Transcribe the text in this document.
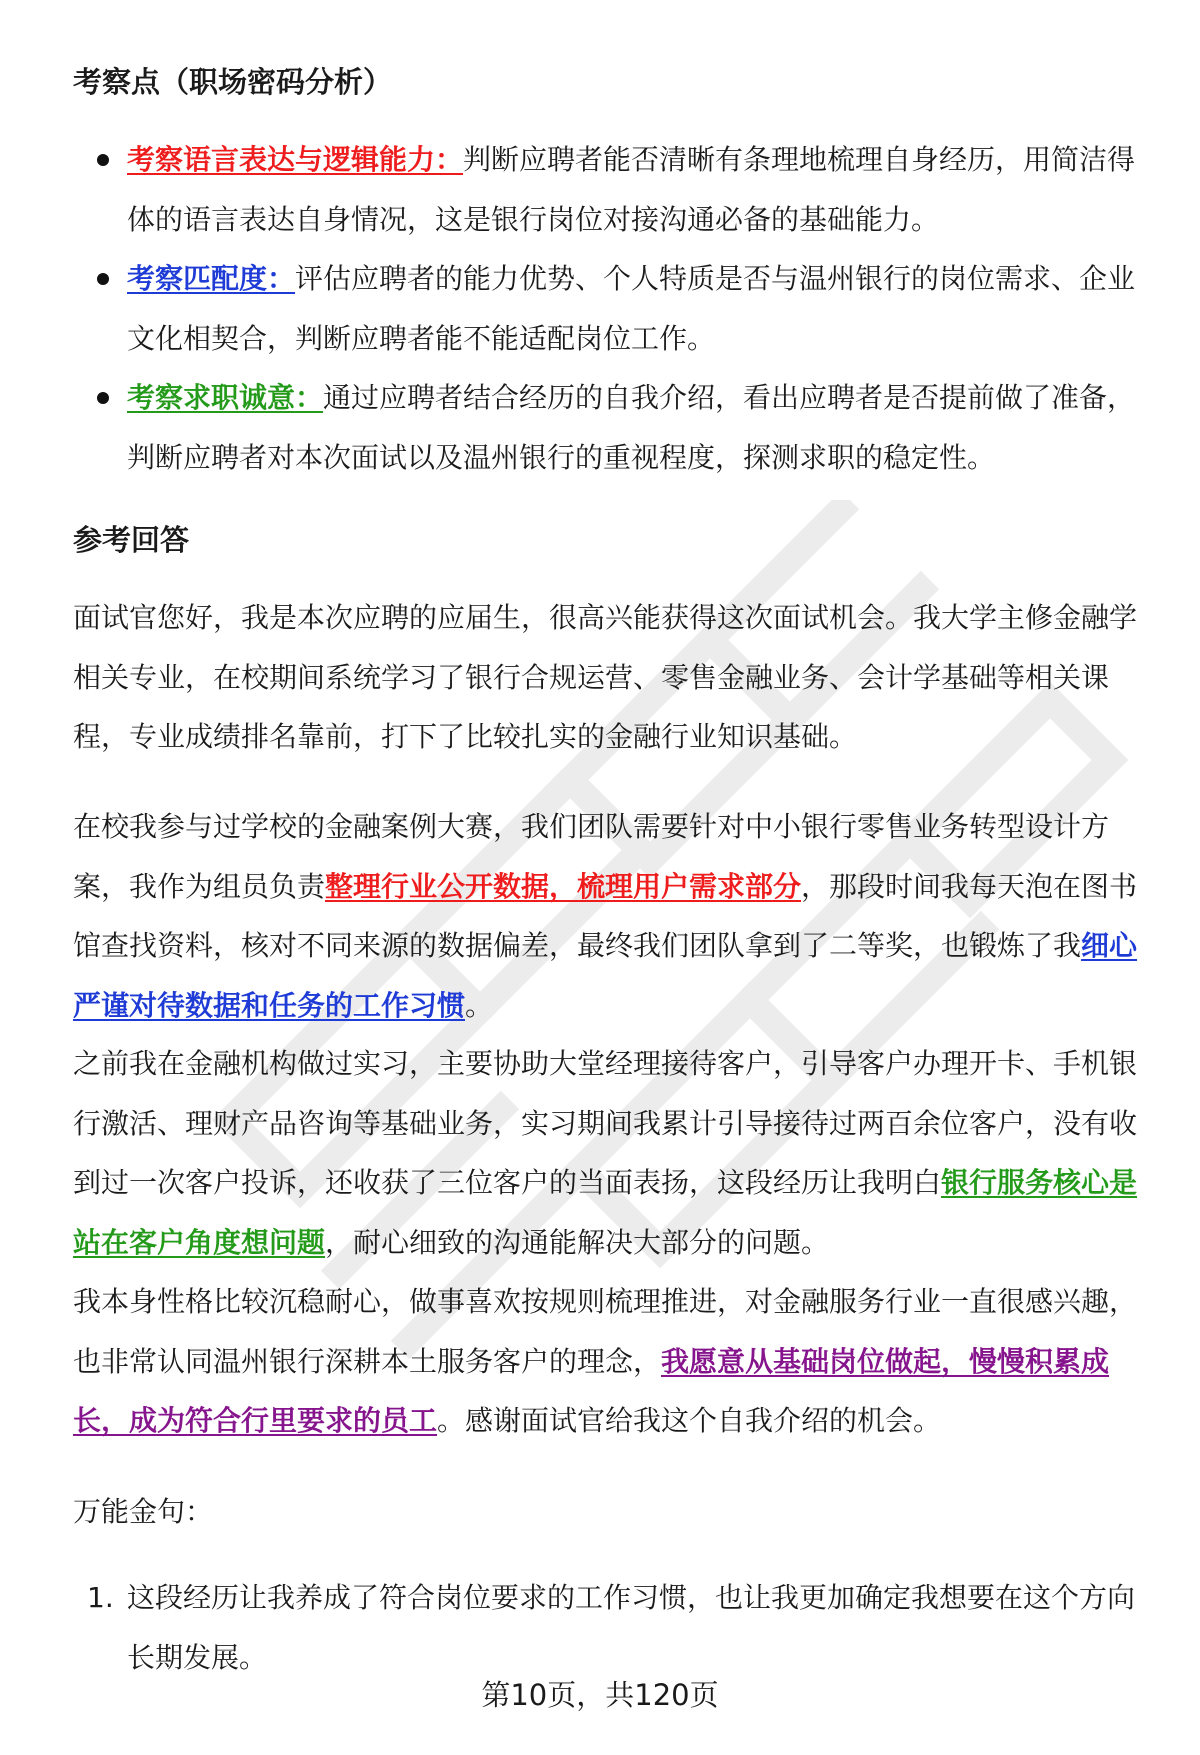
考察点（职场密码分析）
考察语言表达与逻辑能力：判断应聘者能否清晰有条理地梳理自身经历，用简洁得体的语言表达自身情况，这是银行岗位对接沟通必备的基础能力。
考察匹配度：评估应聘者的能力优势、个人特质是否与温州银行的岗位需求、企业文化相契合，判断应聘者能不能适配岗位工作。
考察求职诚意：通过应聘者结合经历的自我介绍，看出应聘者是否提前做了准备，判断应聘者对本次面试以及温州银行的重视程度，探测求职的稳定性。
参考回答

面试官您好，我是本次应聘的应届生，很高兴能获得这次面试机会。我大学主修金融学相关专业，在校期间系统学习了银行合规运营、零售金融业务、会计学基础等相关课程，专业成绩排名靠前，打下了比较扎实的金融行业知识基础。

在校我参与过学校的金融案例大赛，我们团队需要针对中小银行零售业务转型设计方案，我作为组员负责整理行业公开数据，梳理用户需求部分，那段时间我每天泡在图书馆查找资料，核对不同来源的数据偏差，最终我们团队拿到了二等奖，也锻炼了我细心严谨对待数据和任务的工作习惯。

之前我在金融机构做过实习，主要协助大堂经理接待客户，引导客户办理开卡、手机银行激活、理财产品咨询等基础业务，实习期间我累计引导接待过两百余位客户，没有收到过一次客户投诉，还收获了三位客户的当面表扬，这段经历让我明白银行服务核心是站在客户角度想问题，耐心细致的沟通能解决大部分的问题。

我本身性格比较沉稳耐心，做事喜欢按规则梳理推进，对金融服务行业一直很感兴趣，也非常认同温州银行深耕本土服务客户的理念，我愿意从基础岗位做起，慢慢积累成长，成为符合行里要求的员工。感谢面试官给我这个自我介绍的机会。

万能金句：

1. 这段经历让我养成了符合岗位要求的工作习惯，也让我更加确定我想要在这个方向长期发展。
第10页，共120页
